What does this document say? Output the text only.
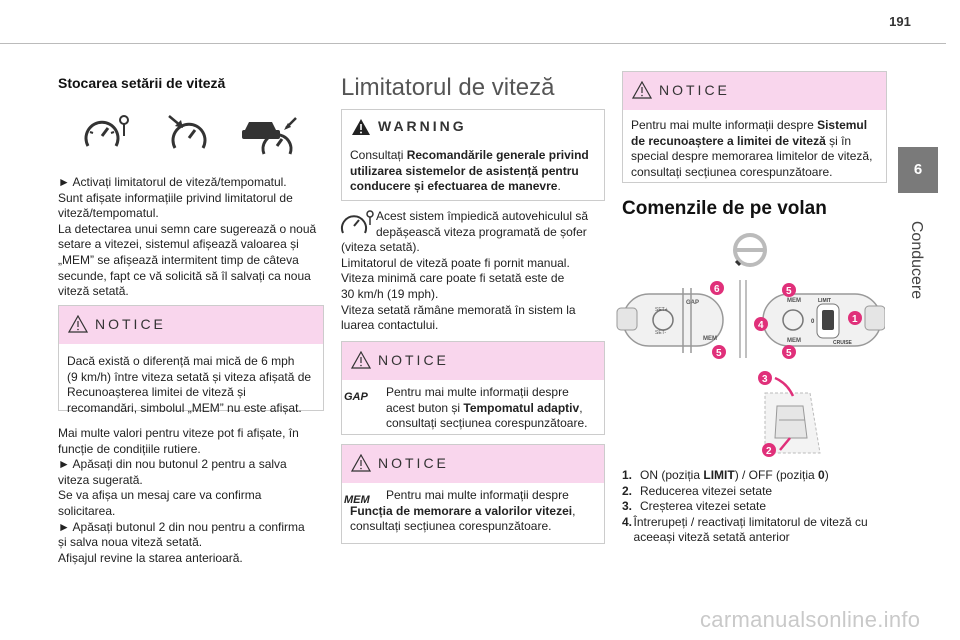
191
6
Conducere
Stocarea setării de viteză

► Activați limitatorul de viteză/tempomatul.

Sunt afișate informațiile privind limitatorul de

viteză/tempomatul.

La detectarea unui semn care sugerează o nouă

setare a vitezei, sistemul afișează valoarea și

„MEM” se afișează intermitent timp de câteva

secunde, fapt ce vă solicită să îl salvați ca noua

viteză setată.

NOTICE
Dacă există o diferență mai mică de 6 mph
(9 km/h) între viteza setată și viteza afișată de
Recunoașterea limitei de viteză și
recomandări, simbolul „MEM” nu este afișat.

Mai multe valori pentru viteze pot fi afișate, în

funcție de condițiile rutiere.

► Apăsați din nou butonul 2 pentru a salva

viteza sugerată.

Se va afișa un mesaj care va confirma

solicitarea.

► Apăsați butonul 2 din nou pentru a confirma

și salva noua viteză setată.

Afișajul revine la starea anterioară.

Limitatorul de viteză
WARNING
Consultați Recomandările generale privind utilizarea sistemelor de asistență pentru conducere și efectuarea de manevre.

Acest sistem împiedică autovehiculul să

depășească viteza programată de șofer

(viteza setată).

Limitatorul de viteză poate fi pornit manual.

Viteza minimă care poate fi setată este de

30 km/h (19 mph).

Viteza setată rămâne memorată în sistem la

luarea contactului.

NOTICE
GAP	Pentru mai multe informații despre acest buton și Tempomatul adaptiv, consultați secțiunea corespunzătoare.
NOTICE
MEM	Pentru mai multe informații despre Funcția de memorare a valorilor vitezei, consultați secțiunea corespunzătoare.
NOTICE
Pentru mai multe informații despre Sistemul de recunoaștere a limitei de viteză și în special despre memorarea limitelor de viteză, consultați secțiunea corespunzătoare.
Comenzile de pe volan
GAP
SET+
SET-
MEM
LIMIT
0
CRUISE
MEM
MEM
6
5
5
5
4
1
3
2
1. ON (poziția LIMIT) / OFF (poziția 0)
2. Reducerea vitezei setate
3. Creșterea vitezei setate
4. Întrerupeți / reactivați limitatorul de viteză cu aceeași viteză setată anterior
carmanualsonline.info
